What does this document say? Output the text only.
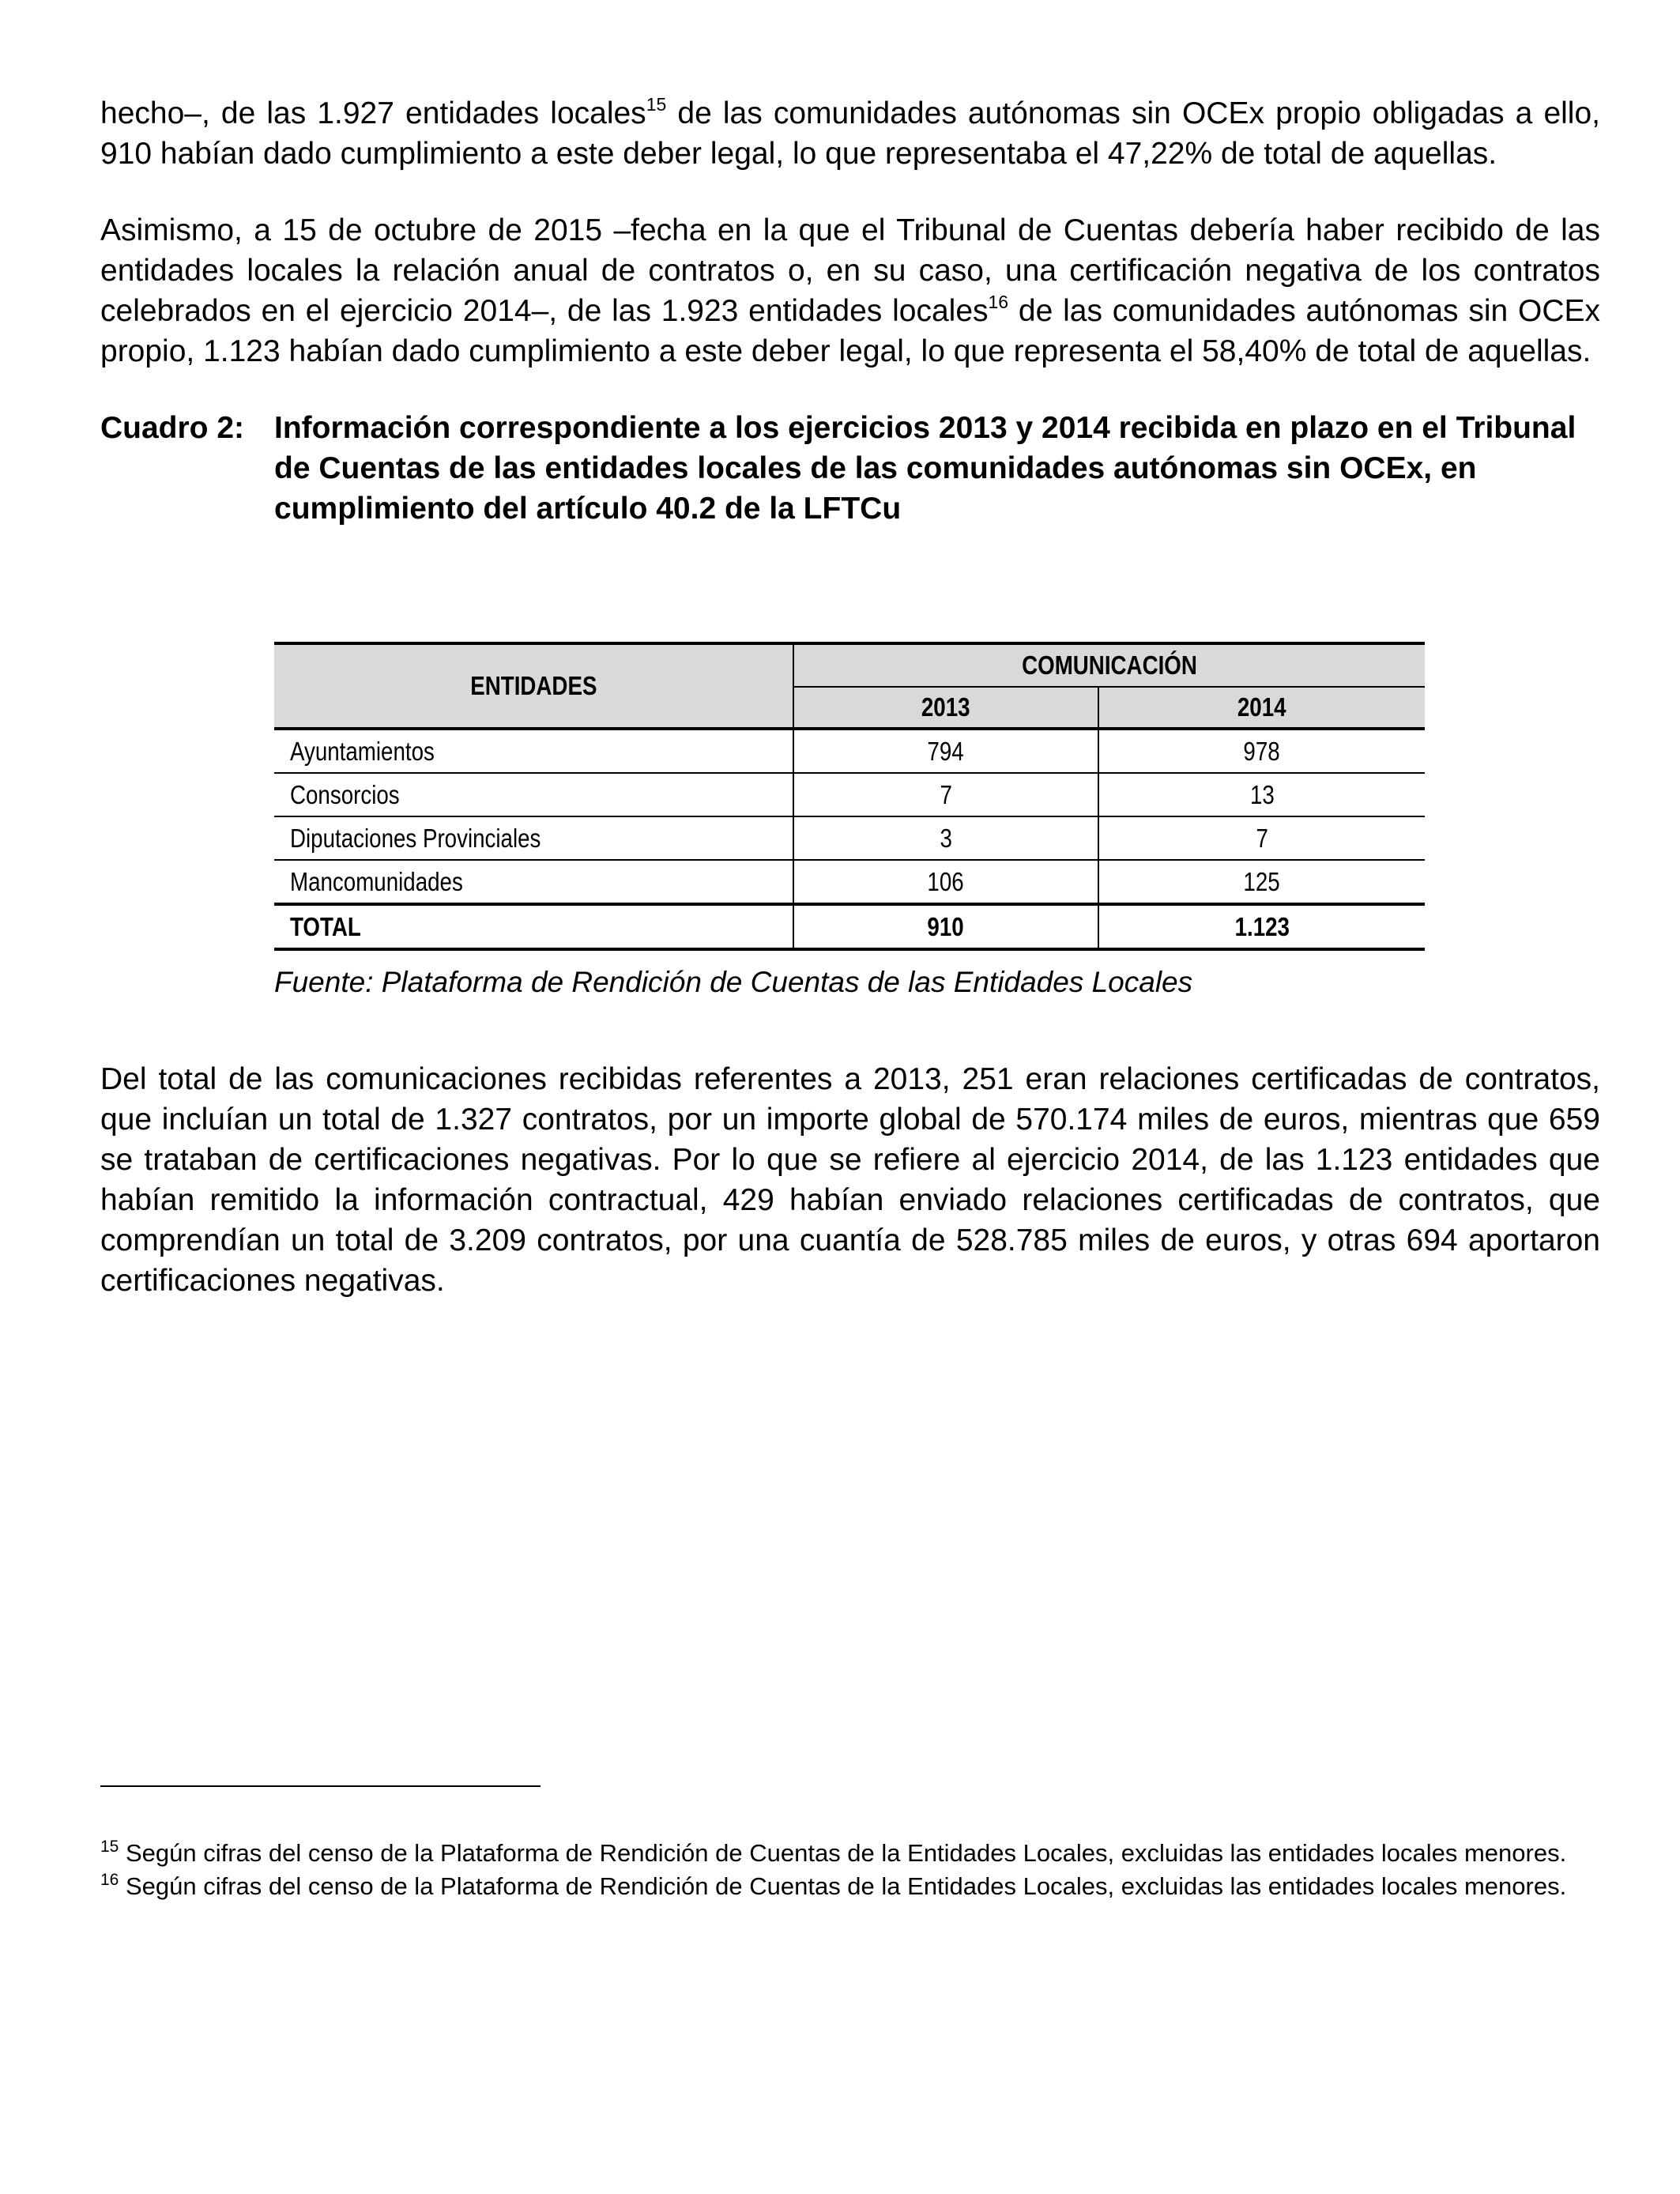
hecho–, de las 1.927 entidades locales$^{15}$ de las comunidades autónomas sin OCEx propio obligadas a ello, 910 habían dado cumplimiento a este deber legal, lo que representaba el 47,22% de total de aquellas.

Asimismo, a 15 de octubre de 2015 –fecha en la que el Tribunal de Cuentas debería haber recibido de las entidades locales la relación anual de contratos o, en su caso, una certificación negativa de los contratos celebrados en el ejercicio 2014–, de las 1.923 entidades locales$^{16}$ de las comunidades autónomas sin OCEx propio, 1.123 habían dado cumplimiento a este deber legal, lo que representa el 58,40% de total de aquellas.

Cuadro 2: Información correspondiente a los ejercicios 2013 y 2014 recibida en plazo en el Tribunal de Cuentas de las entidades locales de las comunidades autónomas sin OCEx, en cumplimiento del artículo 40.2 de la LFTCu
ENTIDADES	COMUNICACIÓN	
	2013	2014
Ayuntamientos	794	978
Consorcios	7	13
Diputaciones Provinciales	3	7
Mancomunidades	106	125
TOTAL	910	1.123
Fuente: Plataforma de Rendición de Cuentas de las Entidades Locales

Del total de las comunicaciones recibidas referentes a 2013, 251 eran relaciones certificadas de contratos, que incluían un total de 1.327 contratos, por un importe global de 570.174 miles de euros, mientras que 659 se trataban de certificaciones negativas. Por lo que se refiere al ejercicio 2014, de las 1.123 entidades que habían remitido la información contractual, 429 habían enviado relaciones certificadas de contratos, que comprendían un total de 3.209 contratos, por una cuantía de 528.785 miles de euros, y otras 694 aportaron certificaciones negativas.

$^{15}$ Según cifras del censo de la Plataforma de Rendición de Cuentas de la Entidades Locales, excluidas las entidades locales menores.
$^{16}$ Según cifras del censo de la Plataforma de Rendición de Cuentas de la Entidades Locales, excluidas las entidades locales menores.
